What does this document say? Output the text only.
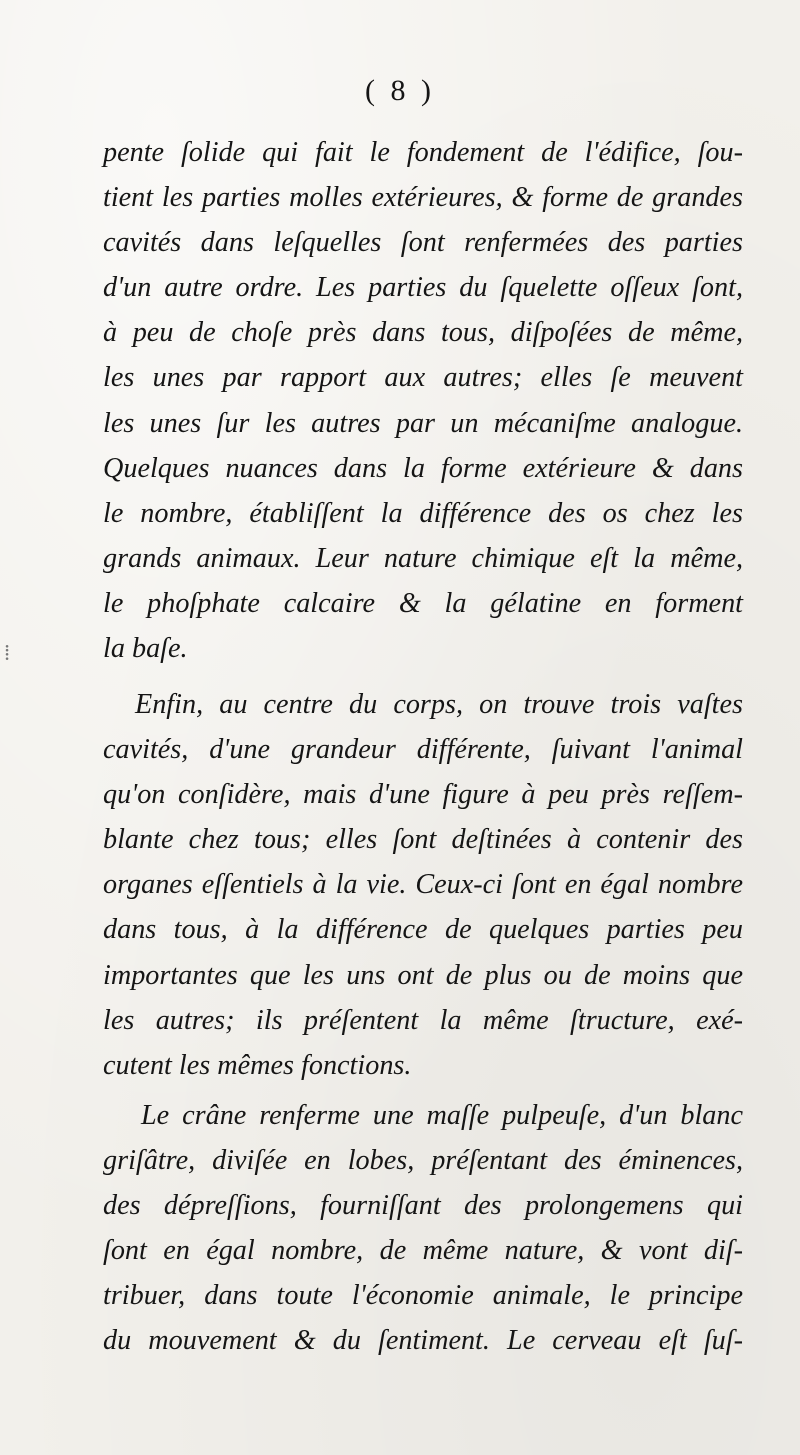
⁞
( 8 )
pente ſolide qui fait le fondement de l'édifice, ſou-
tient les parties molles extérieures, & forme de grandes
cavités dans leſquelles ſont renfermées des parties
d'un autre ordre. Les parties du ſquelette oſſeux ſont,
à peu de choſe près dans tous, diſpoſées de même,
les unes par rapport aux autres; elles ſe meuvent
les unes ſur les autres par un mécaniſme analogue.
Quelques nuances dans la forme extérieure & dans
le nombre, établiſſent la différence des os chez les
grands animaux. Leur nature chimique eſt la même,
le phoſphate calcaire & la gélatine en forment
la baſe.
Enfin, au centre du corps, on trouve trois vaſtes
cavités, d'une grandeur différente, ſuivant l'animal
qu'on conſidère, mais d'une figure à peu près reſſem-
blante chez tous; elles ſont deſtinées à contenir des
organes eſſentiels à la vie. Ceux-ci ſont en égal nombre
dans tous, à la différence de quelques parties peu
importantes que les uns ont de plus ou de moins que
les autres; ils préſentent la même ſtructure, exé-
cutent les mêmes fonctions.
Le crâne renferme une maſſe pulpeuſe, d'un blanc
griſâtre, diviſée en lobes, préſentant des éminences,
des dépreſſions, fourniſſant des prolongemens qui
ſont en égal nombre, de même nature, & vont diſ-
tribuer, dans toute l'économie animale, le principe
du mouvement & du ſentiment. Le cerveau eſt ſuſ-
